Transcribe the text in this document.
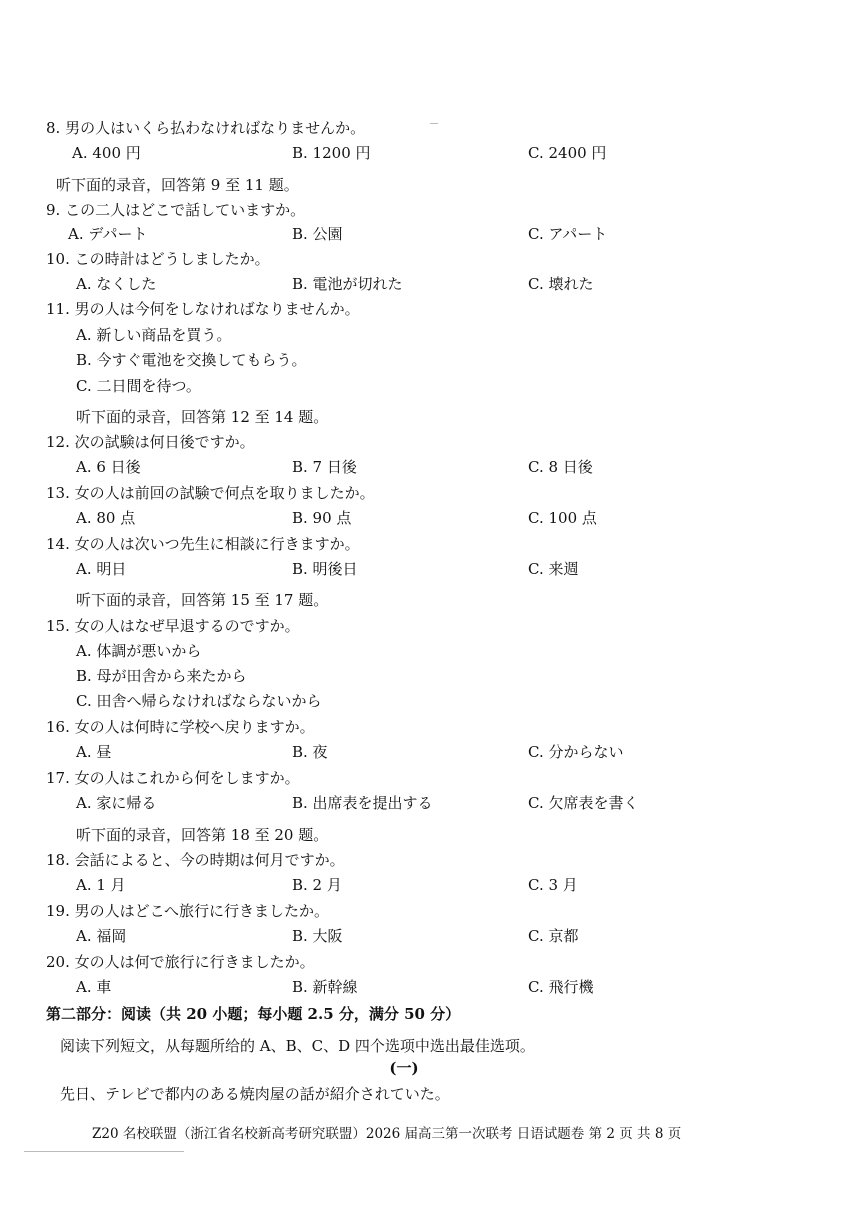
8. 男の人はいくら払わなければなりませんか。
A. 400 円	B. 1200 円	C. 2400 円
听下面的录音，回答第 9 至 11 题。
9. この二人はどこで話していますか。
A. デパート	B. 公園	C. アパート
10. この時計はどうしましたか。
A. なくした	B. 電池が切れた	C. 壊れた
11. 男の人は今何をしなければなりませんか。
A. 新しい商品を買う。
B. 今すぐ電池を交換してもらう。
C. 二日間を待つ。
听下面的录音，回答第 12 至 14 题。
12. 次の試験は何日後ですか。
A. 6 日後	B. 7 日後	C. 8 日後
13. 女の人は前回の試験で何点を取りましたか。
A. 80 点	B. 90 点	C. 100 点
14. 女の人は次いつ先生に相談に行きますか。
A. 明日	B. 明後日	C. 来週
听下面的录音，回答第 15 至 17 题。
15. 女の人はなぜ早退するのですか。
A. 体調が悪いから
B. 母が田舎から来たから
C. 田舎へ帰らなければならないから
16. 女の人は何時に学校へ戻りますか。
A. 昼	B. 夜	C. 分からない
17. 女の人はこれから何をしますか。
A. 家に帰る	B. 出席表を提出する	C. 欠席表を書く
听下面的录音，回答第 18 至 20 题。
18. 会話によると、今の時期は何月ですか。
A. 1 月	B. 2 月	C. 3 月
19. 男の人はどこへ旅行に行きましたか。
A. 福岡	B. 大阪	C. 京都
20. 女の人は何で旅行に行きましたか。
A. 車	B. 新幹線	C. 飛行機
第二部分：阅读（共 20 小题；每小题 2.5 分，满分 50 分）
阅读下列短文，从每题所给的 A、B、C、D 四个选项中选出最佳选项。
(一)
先日、テレビで都内のある焼肉屋の話が紹介されていた。
Z20 名校联盟（浙江省名校新高考研究联盟）2026 届高三第一次联考 日语试题卷 第 2 页 共 8 页
